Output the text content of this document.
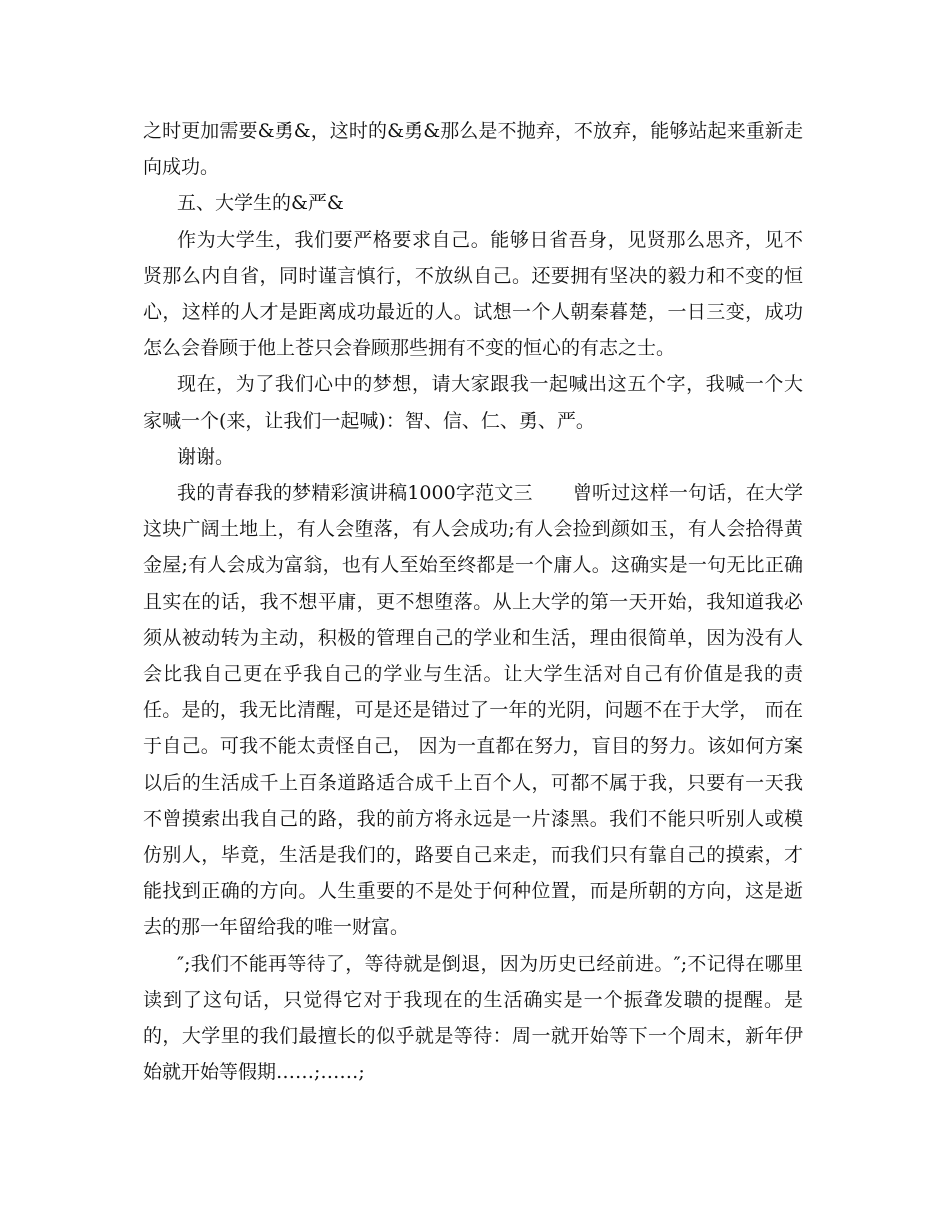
之时更加需要&勇&，这时的&勇&那么是不抛弃，不放弃，能够站起来重新走向成功。

五、大学生的&严&

作为大学生，我们要严格要求自己。能够日省吾身，见贤那么思齐，见不贤那么内自省，同时谨言慎行，不放纵自己。还要拥有坚决的毅力和不变的恒心，这样的人才是距离成功最近的人。试想一个人朝秦暮楚，一日三变，成功怎么会眷顾于他上苍只会眷顾那些拥有不变的恒心的有志之士。

现在，为了我们心中的梦想，请大家跟我一起喊出这五个字，我喊一个大家喊一个(来，让我们一起喊)：智、信、仁、勇、严。

谢谢。

我的青春我的梦精彩演讲稿1000字范文三 曾听过这样一句话，在大学这块广阔土地上，有人会堕落，有人会成功;有人会捡到颜如玉，有人会拾得黄金屋;有人会成为富翁，也有人至始至终都是一个庸人。这确实是一句无比正确且实在的话，我不想平庸，更不想堕落。从上大学的第一天开始，我知道我必须从被动转为主动，积极的管理自己的学业和生活，理由很简单，因为没有人会比我自己更在乎我自己的学业与生活。让大学生活对自己有价值是我的责任。是的，我无比清醒，可是还是错过了一年的光阴，问题不在于大学， 而在于自己。可我不能太责怪自己， 因为一直都在努力，盲目的努力。该如何方案以后的生活成千上百条道路适合成千上百个人，可都不属于我，只要有一天我不曾摸索出我自己的路，我的前方将永远是一片漆黑。我们不能只听别人或模仿别人，毕竟，生活是我们的，路要自己来走，而我们只有靠自己的摸索，才能找到正确的方向。人生重要的不是处于何种位置，而是所朝的方向，这是逝去的那一年留给我的唯一财富。

″;我们不能再等待了，等待就是倒退，因为历史已经前进。″;不记得在哪里读到了这句话，只觉得它对于我现在的生活确实是一个振聋发聩的提醒。是的，大学里的我们最擅长的似乎就是等待：周一就开始等下一个周末，新年伊始就开始等假期……;……;
